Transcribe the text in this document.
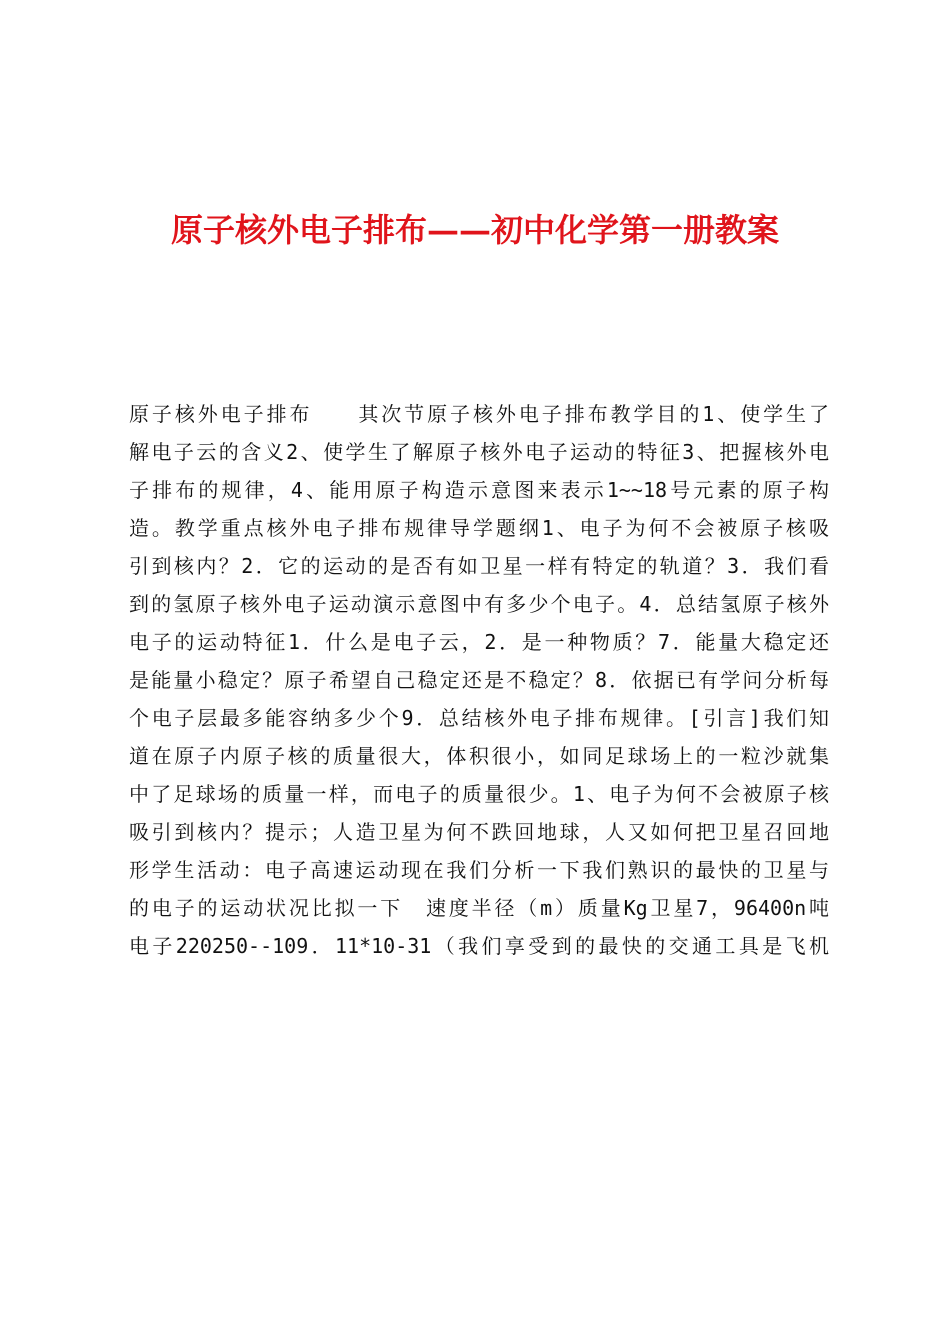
原子核外电子排布——初中化学第一册教案
原子核外电子排布　　其次节原子核外电子排布教学目的1、使学生了
解电子云的含义2、使学生了解原子核外电子运动的特征3、把握核外电
子排布的规律，4、能用原子构造示意图来表示1~~18号元素的原子构
造。教学重点核外电子排布规律导学题纲1、电子为何不会被原子核吸
引到核内？2．它的运动的是否有如卫星一样有特定的轨道？3．我们看
到的氢原子核外电子运动演示意图中有多少个电子。4．总结氢原子核外
电子的运动特征1．什么是电子云，2．是一种物质？7．能量大稳定还
是能量小稳定？原子希望自己稳定还是不稳定？8．依据已有学问分析每
个电子层最多能容纳多少个9．总结核外电子排布规律。[引言]我们知
道在原子内原子核的质量很大，体积很小，如同足球场上的一粒沙就集
中了足球场的质量一样，而电子的质量很少。1、电子为何不会被原子核
吸引到核内？提示；人造卫星为何不跌回地球，人又如何把卫星召回地
形学生活动：电子高速运动现在我们分析一下我们熟识的最快的卫星与
的电子的运动状况比拟一下　速度半径（m）质量Kg卫星7，96400n吨
电子220250--109．11*10-31（我们享受到的最快的交通工具是飞机
